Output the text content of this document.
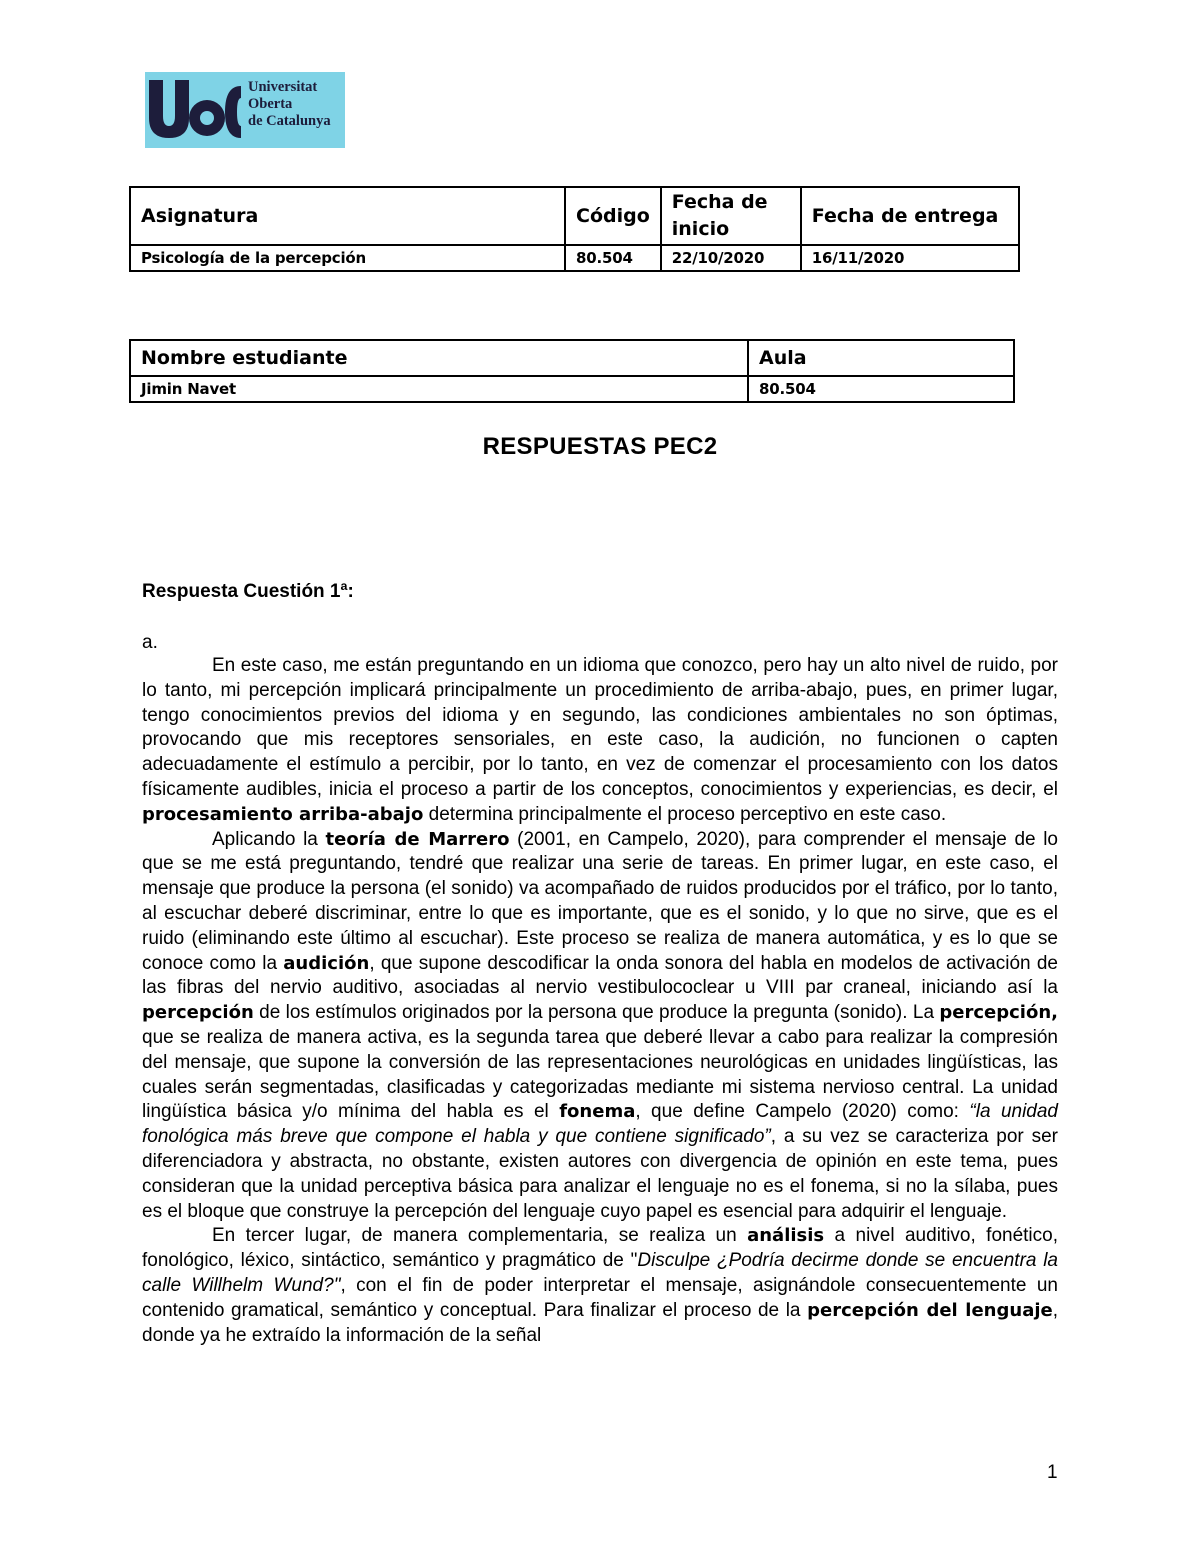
Universitat
Oberta
de Catalunya
Asignatura	Código	Fecha de inicio	Fecha de entrega
Psicología de la percepción	80.504	22/10/2020	16/11/2020
Nombre estudiante	Aula
Jimin Navet	80.504
RESPUESTAS PEC2
Respuesta Cuestión 1ª:
a.

En este caso, me están preguntando en un idioma que conozco, pero hay un alto nivel de ruido, por lo tanto, mi percepción implicará principalmente un procedimiento de arriba-abajo, pues, en primer lugar, tengo conocimientos previos del idioma y en segundo, las condiciones ambientales no son óptimas, provocando que mis receptores sensoriales, en este caso, la audición, no funcionen o capten adecuadamente el estímulo a percibir, por lo tanto, en vez de comenzar el procesamiento con los datos físicamente audibles, inicia el proceso a partir de los conceptos, conocimientos y experiencias, es decir, el procesamiento arriba-abajo determina principalmente el proceso perceptivo en este caso.

Aplicando la teoría de Marrero (2001, en Campelo, 2020), para comprender el mensaje de lo que se me está preguntando, tendré que realizar una serie de tareas. En primer lugar, en este caso, el mensaje que produce la persona (el sonido) va acompañado de ruidos producidos por el tráfico, por lo tanto, al escuchar deberé discriminar, entre lo que es importante, que es el sonido, y lo que no sirve, que es el ruido (eliminando este último al escuchar). Este proceso se realiza de manera automática, y es lo que se conoce como la audición, que supone descodificar la onda sonora del habla en modelos de activación de las fibras del nervio auditivo, asociadas al nervio vestibulococlear u VIII par craneal, iniciando así la percepción de los estímulos originados por la persona que produce la pregunta (sonido). La percepción, que se realiza de manera activa, es la segunda tarea que deberé llevar a cabo para realizar la compresión del mensaje, que supone la conversión de las representaciones neurológicas en unidades lingüísticas, las cuales serán segmentadas, clasificadas y categorizadas mediante mi sistema nervioso central. La unidad lingüística básica y/o mínima del habla es el fonema, que define Campelo (2020) como: “la unidad fonológica más breve que compone el habla y que contiene significado”, a su vez se caracteriza por ser diferenciadora y abstracta, no obstante, existen autores con divergencia de opinión en este tema, pues consideran que la unidad perceptiva básica para analizar el lenguaje no es el fonema, si no la sílaba, pues es el bloque que construye la percepción del lenguaje cuyo papel es esencial para adquirir el lenguaje.

En tercer lugar, de manera complementaria, se realiza un análisis a nivel auditivo, fonético, fonológico, léxico, sintáctico, semántico y pragmático de "Disculpe ¿Podría decirme donde se encuentra la calle Willhelm Wund?", con el fin de poder interpretar el mensaje, asignándole consecuentemente un contenido gramatical, semántico y conceptual. Para finalizar el proceso de la percepción del lenguaje, donde ya he extraído la información de la señal

1
